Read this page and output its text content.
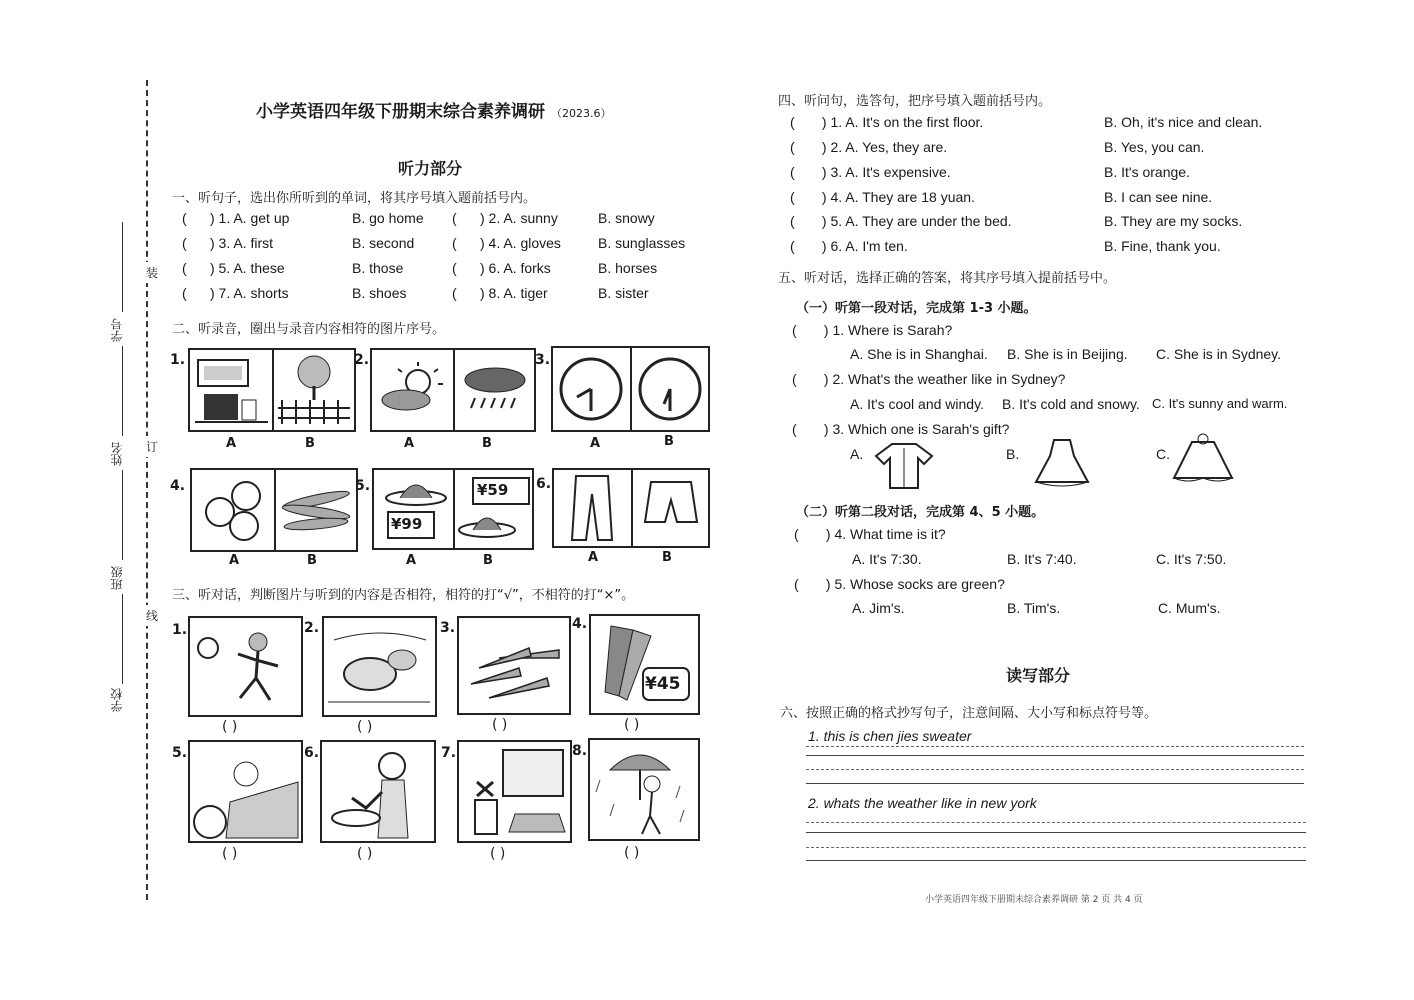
装
订
线
学号
姓名
班级
学校
小学英语四年级下册期末综合素养调研 （2023.6）
听力部分
一、听句子，选出你所听到的单词，将其序号填入题前括号内。
(      ) 1. A. get up	B. go home (      ) 2. A. sunny	B. snowy
(      ) 3. A. first	B. second	(      ) 4. A. gloves	B. sunglasses
(      ) 5. A. these	B. those	(      ) 6. A. forks	B. horses
(      ) 7. A. shorts	B. shoes	(      ) 8. A. tiger	B. sister
二、听录音，圈出与录音内容相符的图片序号。
1.
A	B
2.
A	B
3.
A	B
4.
A	B
5.
¥99
¥59
A	B
6.
A	B
三、听对话，判断图片与听到的内容是否相符，相符的打“√”，不相符的打“×”。
1.
( )
2.
( )
3.
( )
4.
¥45
( )
5.
( )
6.
( )
7.
( )
8.
( )
四、听问句，选答句，把序号填入题前括号内。
(       ) 1. A. It's on the first floor.	B. Oh, it's nice and clean.
(       ) 2. A. Yes, they are.	B. Yes, you can.
(       ) 3. A. It's expensive.	B. It's orange.
(       ) 4. A. They are 18 yuan.	B. I can see nine.
(       ) 5. A. They are under the bed.	B. They are my socks.
(       ) 6. A. I'm ten.	B. Fine, thank you.
五、听对话，选择正确的答案，将其序号填入提前括号中。
（一）听第一段对话，完成第 1-3 小题。
(       ) 1. Where is Sarah?
A. She is in Shanghai. B. She is in Beijing. C. She is in Sydney.
(       ) 2. What's the weather like in Sydney?
A. It's cool and windy. B. It's cold and snowy. C. It's sunny and warm.
(       ) 3. Which one is Sarah's gift?
A.	B.	C.
（二）听第二段对话，完成第 4、5 小题。
(       ) 4. What time is it?
A. It's 7:30.	B. It's 7:40.	C. It's 7:50.
(       ) 5. Whose socks are green?
A. Jim's.	B. Tim's.	C. Mum's.
读写部分
六、按照正确的格式抄写句子，注意间隔、大小写和标点符号等。
1. this is chen jies sweater
2. whats the weather like in new york
小学英语四年级下册期末综合素养调研 第 2 页 共 4 页
